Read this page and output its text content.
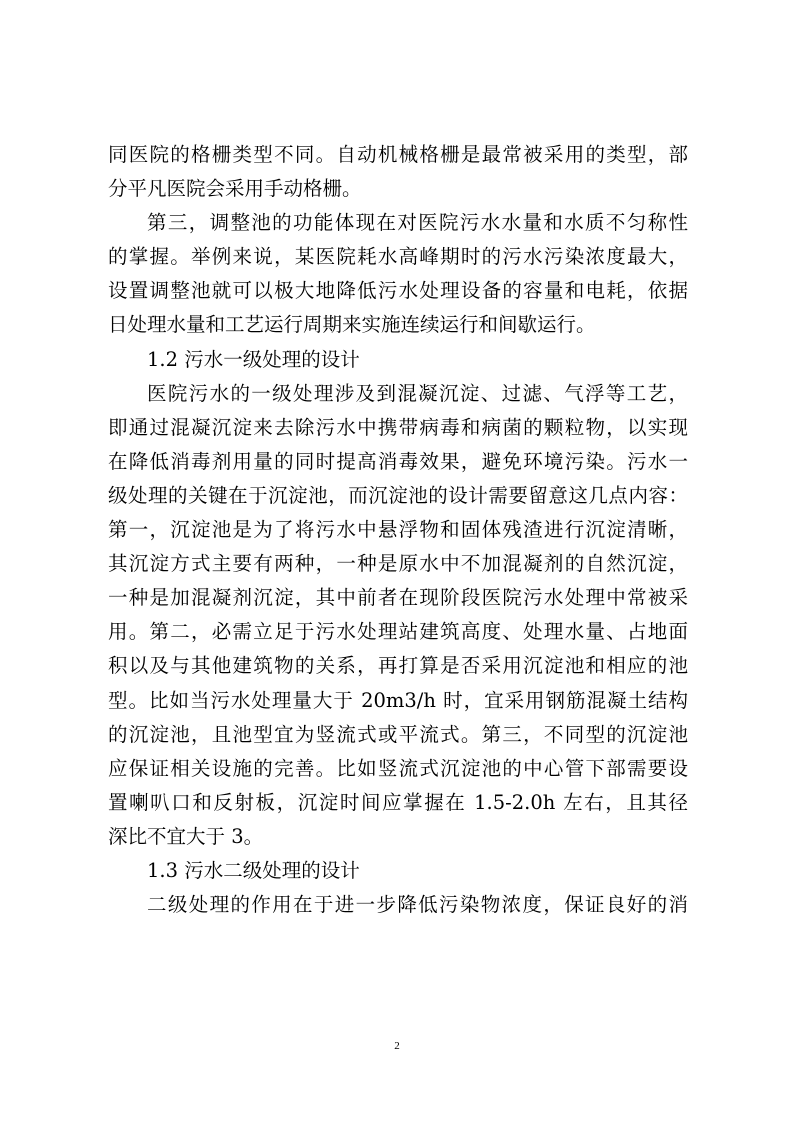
同医院的格栅类型不同。自动机械格栅是最常被采用的类型，部
分平凡医院会采用手动格栅。
第三，调整池的功能体现在对医院污水水量和水质不匀称性
的掌握。举例来说，某医院耗水高峰期时的污水污染浓度最大，
设置调整池就可以极大地降低污水处理设备的容量和电耗，依据
日处理水量和工艺运行周期来实施连续运行和间歇运行。
1.2 污水一级处理的设计
医院污水的一级处理涉及到混凝沉淀、过滤、气浮等工艺，
即通过混凝沉淀来去除污水中携带病毒和病菌的颗粒物，以实现
在降低消毒剂用量的同时提高消毒效果，避免环境污染。污水一
级处理的关键在于沉淀池，而沉淀池的设计需要留意这几点内容：
第一，沉淀池是为了将污水中悬浮物和固体残渣进行沉淀清晰，
其沉淀方式主要有两种，一种是原水中不加混凝剂的自然沉淀，
一种是加混凝剂沉淀，其中前者在现阶段医院污水处理中常被采
用。第二，必需立足于污水处理站建筑高度、处理水量、占地面
积以及与其他建筑物的关系，再打算是否采用沉淀池和相应的池
型。比如当污水处理量大于 20m3/h 时，宜采用钢筋混凝土结构
的沉淀池，且池型宜为竖流式或平流式。第三，不同型的沉淀池
应保证相关设施的完善。比如竖流式沉淀池的中心管下部需要设
置喇叭口和反射板，沉淀时间应掌握在 1.5-2.0h 左右，且其径
深比不宜大于 3。
1.3 污水二级处理的设计
二级处理的作用在于进一步降低污染物浓度，保证良好的消
2
